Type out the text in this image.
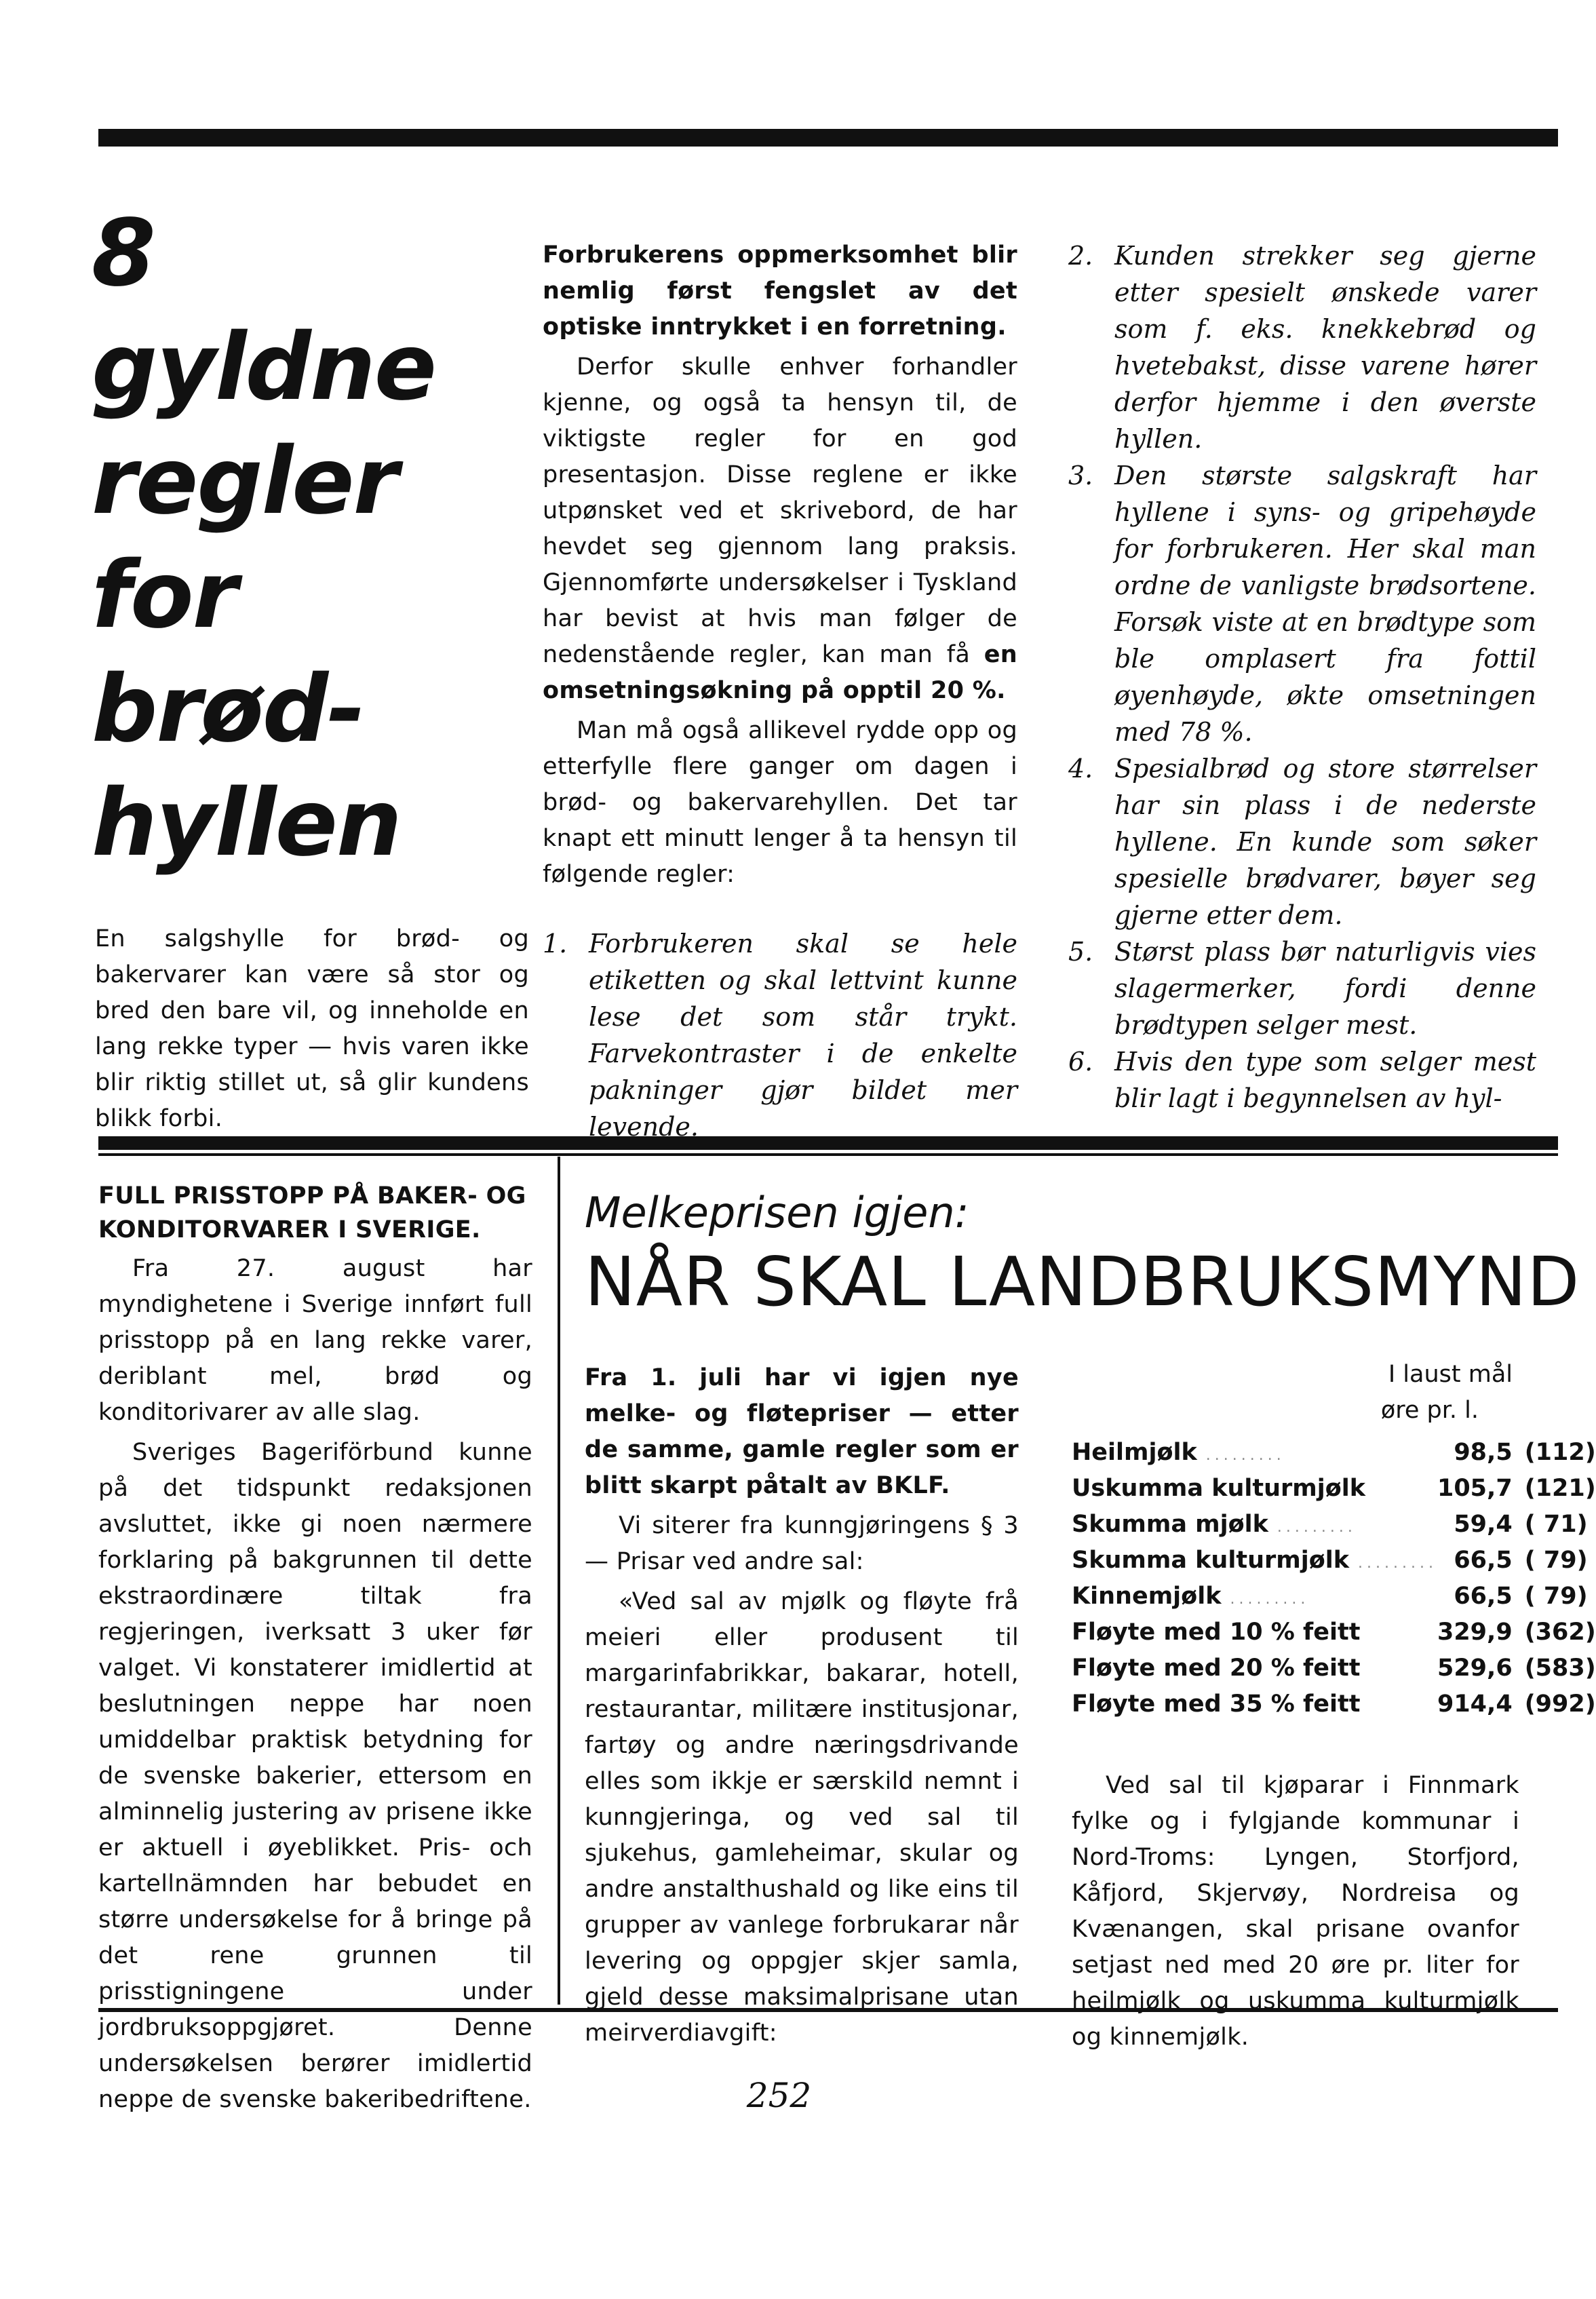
8
gyldne
regler
for
brød-
hyllen

En salgshylle for brød- og bakervarer kan være så stor og bred den bare vil, og inneholde en lang rekke typer — hvis varen ikke blir riktig stillet ut, så glir kundens blikk forbi.

Forbrukerens oppmerksomhet blir nemlig først fengslet av det optiske inntrykket i en forretning.

Derfor skulle enhver forhandler kjenne, og også ta hensyn til, de viktigste regler for en god presentasjon. Disse reglene er ikke utpønsket ved et skrivebord, de har hevdet seg gjennom lang praksis. Gjennomførte undersøkelser i Tyskland har bevist at hvis man følger de nedenstående regler, kan man få en omsetningsøkning på opptil 20 %.

Man må også allikevel rydde opp og etterfylle flere ganger om dagen i brød- og bakervarehyllen. Det tar knapt ett minutt lenger å ta hensyn til følgende regler:

1. Forbrukeren skal se hele etiketten og skal lettvint kunne lese det som står trykt. Farvekontraster i de enkelte pakninger gjør bildet mer levende.
2. Kunden strekker seg gjerne etter spesielt ønskede varer som f. eks. knekkebrød og hvetebakst, disse varene hører derfor hjemme i den øverste hyllen.
3. Den største salgskraft har hyllene i syns- og gripehøyde for forbrukeren. Her skal man ordne de vanligste brødsortene. Forsøk viste at en brødtype som ble omplasert fra fottil øyenhøyde, økte omsetningen med 78 %.
4. Spesialbrød og store størrelser har sin plass i de nederste hyllene. En kunde som søker spesielle brødvarer, bøyer seg gjerne etter dem.
5. Størst plass bør naturligvis vies slagermerker, fordi denne brødtypen selger mest.
6. Hvis den type som selger mest blir lagt i begynnelsen av hyl-

FULL PRISSTOPP PÅ BAKER- OG KONDITORVARER I SVERIGE.

Fra 27. august har myndighetene i Sverige innført full prisstopp på en lang rekke varer, deriblant mel, brød og konditorivarer av alle slag.

Sveriges Bageriförbund kunne på det tidspunkt redaksjonen avsluttet, ikke gi noen nærmere forklaring på bakgrunnen til dette ekstraordinære tiltak fra regjeringen, iverksatt 3 uker før valget. Vi konstaterer imidlertid at beslutningen neppe har noen umiddelbar praktisk betydning for de svenske bakerier, ettersom en alminnelig justering av prisene ikke er aktuell i øyeblikket. Pris- och kartellnämnden har bebudet en større undersøkelse for å bringe på det rene grunnen til prisstigningene under jordbruksoppgjøret. Denne undersøkelsen berører imidlertid neppe de svenske bakeribedriftene.

Melkeprisen igjen:
NÅR SKAL LANDBRUKSMYND

Fra 1. juli har vi igjen nye melke- og fløtepriser — etter de samme, gamle regler som er blitt skarpt påtalt av BKLF.

Vi siterer fra kunngjøringens § 3 — Prisar ved andre sal:

«Ved sal av mjølk og fløyte frå meieri eller produsent til margarinfabrikkar, bakarar, hotell, restaurantar, militære institusjonar, fartøy og andre næringsdrivande elles som ikkje er særskild nemnt i kunngjeringa, og ved sal til sjukehus, gamleheimar, skular og andre anstalthushald og like eins til grupper av vanlege forbrukarar når levering og oppgjer skjer samla, gjeld desse maksimalprisane utan meirverdiavgift:

I laust mål
øre pr. l.
Heilmjølk .........	98,5	(112)
Uskumma kulturmjølk	105,7	(121)
Skumma mjølk .........	59,4	( 71)
Skumma kulturmjølk .........	66,5	( 79)
Kinnemjølk .........	66,5	( 79)
Fløyte med 10 % feitt	329,9	(362)
Fløyte med 20 % feitt	529,6	(583)
Fløyte med 35 % feitt	914,4	(992)

Ved sal til kjøparar i Finnmark fylke og i fylgjande kommunar i Nord-Troms: Lyngen, Storfjord, Kåfjord, Skjervøy, Nordreisa og Kvænangen, skal prisane ovanfor setjast ned med 20 øre pr. liter for heilmjølk og uskumma kulturmjølk og kinnemjølk.

252
